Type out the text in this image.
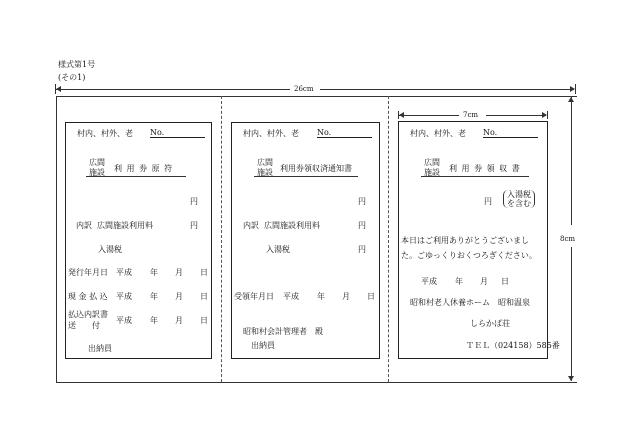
様式第1号
(その1)
26cm
8cm
7cm
村内、村外、老 No.
広間
施設 利 用 券 原 符
円
内訳 広間施設利用料	円
入湯税
発行年月日 平成 年 月 日
現 金 払 込 平成 年 月 日
払込内訳書
送　　付
平成 年 月 日
出納員
村内、村外、老 No.
広間
施設 利用券領収済通知書
円
内訳 広間施設利用料	円
入湯税	円
受領年月日 平成 年 月 日
昭和村会計管理者　殿
出納員
村内、村外、老 No.
広間
施設 利 用 券 領 収 書
円
入湯税
を含む
本日はご利用ありがとうございまし
た。ごゆっくりおくつろぎください。
平成 年 月 日
昭和村老人休養ホーム　昭和温泉
しらかば荘
ＴＥＬ（024158）585番
